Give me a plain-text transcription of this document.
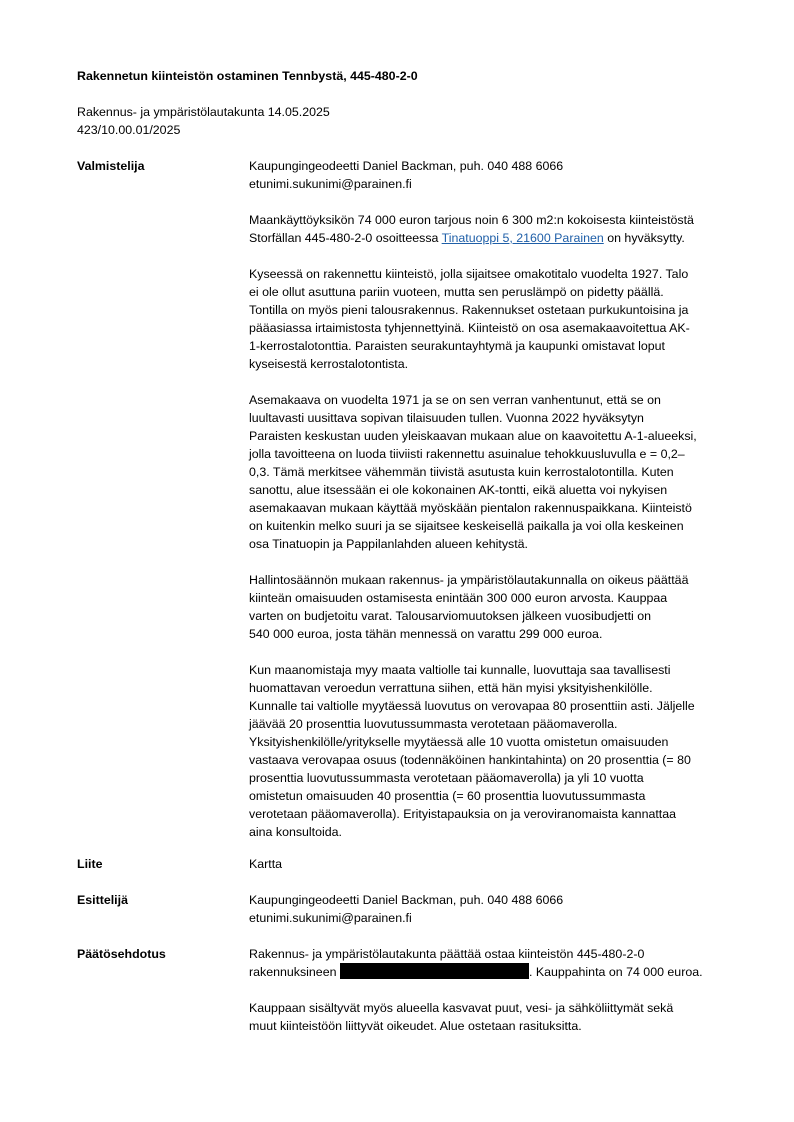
Rakennetun kiinteistön ostaminen Tennbystä, 445-480-2-0
Rakennus- ja ympäristölautakunta 14.05.2025
423/10.00.01/2025
Valmistelija	Kaupungingeodeetti Daniel Backman, puh. 040 488 6066
etunimi.sukunimi@parainen.fi
Maankäyttöyksikön 74 000 euron tarjous noin 6 300 m2:n kokoisesta kiinteistöstä
Storfällan 445-480-2-0 osoitteessa Tinatuoppi 5, 21600 Parainen on hyväksytty.
Kyseessä on rakennettu kiinteistö, jolla sijaitsee omakotitalo vuodelta 1927. Talo
ei ole ollut asuttuna pariin vuoteen, mutta sen peruslämpö on pidetty päällä.
Tontilla on myös pieni talousrakennus. Rakennukset ostetaan purkukuntoisina ja
pääasiassa irtaimistosta tyhjennettyinä. Kiinteistö on osa asemakaavoitettua AK-
1-kerrostalotonttia. Paraisten seurakuntayhtymä ja kaupunki omistavat loput
kyseisestä kerrostalotontista.
Asemakaava on vuodelta 1971 ja se on sen verran vanhentunut, että se on
luultavasti uusittava sopivan tilaisuuden tullen. Vuonna 2022 hyväksytyn
Paraisten keskustan uuden yleiskaavan mukaan alue on kaavoitettu A-1-alueeksi,
jolla tavoitteena on luoda tiiviisti rakennettu asuinalue tehokkuusluvulla e = 0,2–
0,3. Tämä merkitsee vähemmän tiivistä asutusta kuin kerrostalotontilla. Kuten
sanottu, alue itsessään ei ole kokonainen AK-tontti, eikä aluetta voi nykyisen
asemakaavan mukaan käyttää myöskään pientalon rakennuspaikkana. Kiinteistö
on kuitenkin melko suuri ja se sijaitsee keskeisellä paikalla ja voi olla keskeinen
osa Tinatuopin ja Pappilanlahden alueen kehitystä.
Hallintosäännön mukaan rakennus- ja ympäristölautakunnalla on oikeus päättää
kiinteän omaisuuden ostamisesta enintään 300 000 euron arvosta. Kauppaa
varten on budjetoitu varat. Talousarviomuutoksen jälkeen vuosibudjetti on
540 000 euroa, josta tähän mennessä on varattu 299 000 euroa.
Kun maanomistaja myy maata valtiolle tai kunnalle, luovuttaja saa tavallisesti
huomattavan veroedun verrattuna siihen, että hän myisi yksityishenkilölle.
Kunnalle tai valtiolle myytäessä luovutus on verovapaa 80 prosenttiin asti. Jäljelle
jäävää 20 prosenttia luovutussummasta verotetaan pääomaverolla.
Yksityishenkilölle/yritykselle myytäessä alle 10 vuotta omistetun omaisuuden
vastaava verovapaa osuus (todennäköinen hankintahinta) on 20 prosenttia (= 80
prosenttia luovutussummasta verotetaan pääomaverolla) ja yli 10 vuotta
omistetun omaisuuden 40 prosenttia (= 60 prosenttia luovutussummasta
verotetaan pääomaverolla). Erityistapauksia on ja veroviranomaista kannattaa
aina konsultoida.
Liite	Kartta
Esittelijä	Kaupungingeodeetti Daniel Backman, puh. 040 488 6066
etunimi.sukunimi@parainen.fi
Päätösehdotus	Rakennus- ja ympäristölautakunta päättää ostaa kiinteistön 445-480-2-0
rakennuksineen	. Kauppahinta on 74 000 euroa.
Kauppaan sisältyvät myös alueella kasvavat puut, vesi- ja sähköliittymät sekä
muut kiinteistöön liittyvät oikeudet. Alue ostetaan rasituksitta.
